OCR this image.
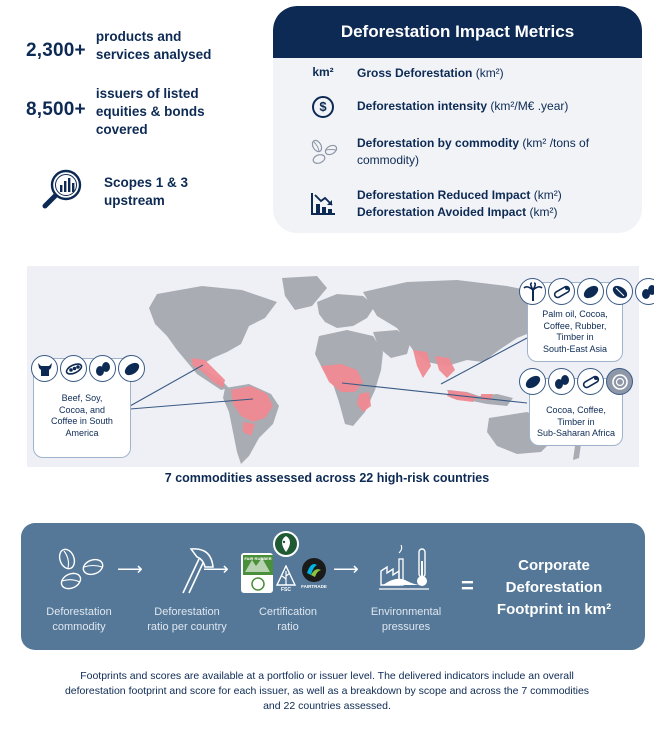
2,300+
products and
services analysed
8,500+
issuers of listed
equities & bonds
covered
Scopes 1 & 3
upstream
Deforestation Impact Metrics
km² Gross Deforestation (km²)
$	Deforestation intensity (km²/M€ .year)
Deforestation by commodity (km² /tons of
commodity)
Deforestation Reduced Impact (km²)
Deforestation Avoided Impact (km²)
Beef, Soy,
Cocoa, and
Coffee in South
America
Palm oil, Cocoa,
Coffee, Rubber,
Timber in
South-East Asia
Cocoa, Coffee,
Timber in
Sub-Saharan Africa
7 commodities assessed across 22 high-risk countries
Deforestation
commodity
⟶
Deforestation
ratio per country
⟶
FAIR RUBBER
FSC
FAIRTRADE
Certification
ratio
⟶
Environmental
pressures
=
Corporate
Deforestation
Footprint in km²
Footprints and scores are available at a portfolio or issuer level. The delivered indicators include an overall
deforestation footprint and score for each issuer, as well as a breakdown by scope and across the 7 commodities
and 22 countries assessed.
